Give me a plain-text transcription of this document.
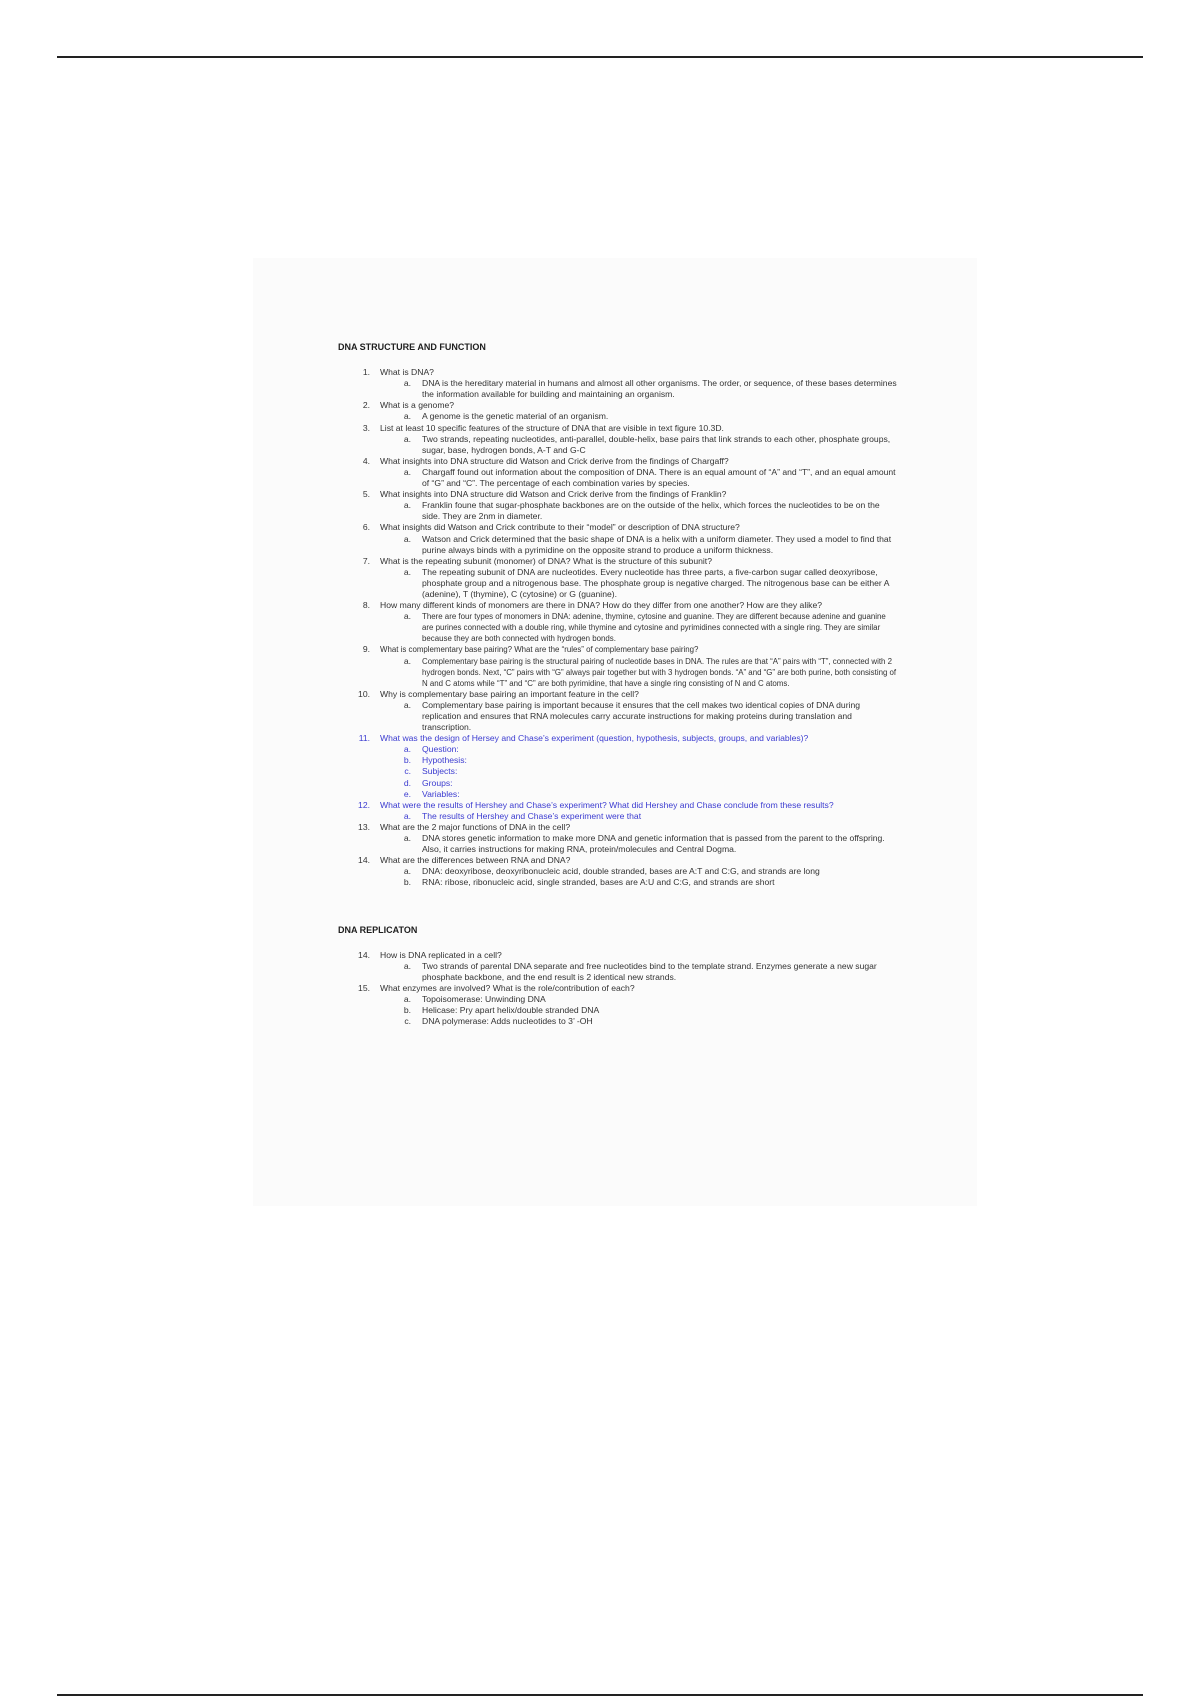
DNA STRUCTURE AND FUNCTION
1.	What is DNA?
a.	DNA is the hereditary material in humans and almost all other organisms. The order, or sequence, of these bases determines the information available for building and maintaining an organism.
2.	What is a genome?
a.	A genome is the genetic material of an organism.
3.	List at least 10 specific features of the structure of DNA that are visible in text figure 10.3D.
a.	Two strands, repeating nucleotides, anti-parallel, double-helix, base pairs that link strands to each other, phosphate groups, sugar, base, hydrogen bonds, A-T and G-C
4.	What insights into DNA structure did Watson and Crick derive from the findings of Chargaff?
a.	Chargaff found out information about the composition of DNA. There is an equal amount of “A” and “T”, and an equal amount of “G” and “C”. The percentage of each combination varies by species.
5.	What insights into DNA structure did Watson and Crick derive from the findings of Franklin?
a.	Franklin foune that sugar-phosphate backbones are on the outside of the helix, which forces the nucleotides to be on the side. They are 2nm in diameter.
6.	What insights did Watson and Crick contribute to their “model” or description of DNA structure?
a.	Watson and Crick determined that the basic shape of DNA is a helix with a uniform diameter. They used a model to find that purine always binds with a pyrimidine on the opposite strand to produce a uniform thickness.
7.	What is the repeating subunit (monomer) of DNA? What is the structure of this subunit?
a.	The repeating subunit of DNA are nucleotides. Every nucleotide has three parts, a five-carbon sugar called deoxyribose, phosphate group and a nitrogenous base. The phosphate group is negative charged. The nitrogenous base can be either A (adenine), T (thymine), C (cytosine) or G (guanine).
8.	How many different kinds of monomers are there in DNA? How do they differ from one another? How are they alike?
a.	There are four types of monomers in DNA: adenine, thymine, cytosine and guanine. They are different because adenine and guanine are purines connected with a double ring, while thymine and cytosine and pyrimidines connected with a single ring. They are similar because they are both connected with hydrogen bonds.
9.	What is complementary base pairing? What are the “rules” of complementary base pairing?
a.	Complementary base pairing is the structural pairing of nucleotide bases in DNA. The rules are that “A” pairs with “T”, connected with 2 hydrogen bonds. Next, “C” pairs with “G” always pair together but with 3 hydrogen bonds. “A” and “G” are both purine, both consisting of N and C atoms while “T” and “C” are both pyrimidine, that have a single ring consisting of N and C atoms.
10.	Why is complementary base pairing an important feature in the cell?
a.	Complementary base pairing is important because it ensures that the cell makes two identical copies of DNA during replication and ensures that RNA molecules carry accurate instructions for making proteins during translation and transcription.
11.	What was the design of Hersey and Chase’s experiment (question, hypothesis, subjects, groups, and variables)?
a.	Question:
b.	Hypothesis:
c.	Subjects:
d.	Groups:
e.	Variables:
12.	What were the results of Hershey and Chase’s experiment? What did Hershey and Chase conclude from these results?
a.	The results of Hershey and Chase’s experiment were that
13.	What are the 2 major functions of DNA in the cell?
a.	DNA stores genetic information to make more DNA and genetic information that is passed from the parent to the offspring. Also, it carries instructions for making RNA, protein/molecules and Central Dogma.
14.	What are the differences between RNA and DNA?
a.	DNA: deoxyribose, deoxyribonucleic acid, double stranded, bases are A:T and C:G, and strands are long
b.	RNA: ribose, ribonucleic acid, single stranded, bases are A:U and C:G, and strands are short
DNA REPLICATON
14.	How is DNA replicated in a cell?
a.	Two strands of parental DNA separate and free nucleotides bind to the template strand. Enzymes generate a new sugar phosphate backbone, and the end result is 2 identical new strands.
15.	What enzymes are involved? What is the role/contribution of each?
a.	Topoisomerase: Unwinding DNA
b.	Helicase: Pry apart helix/double stranded DNA
c.	DNA polymerase: Adds nucleotides to 3’ -OH
